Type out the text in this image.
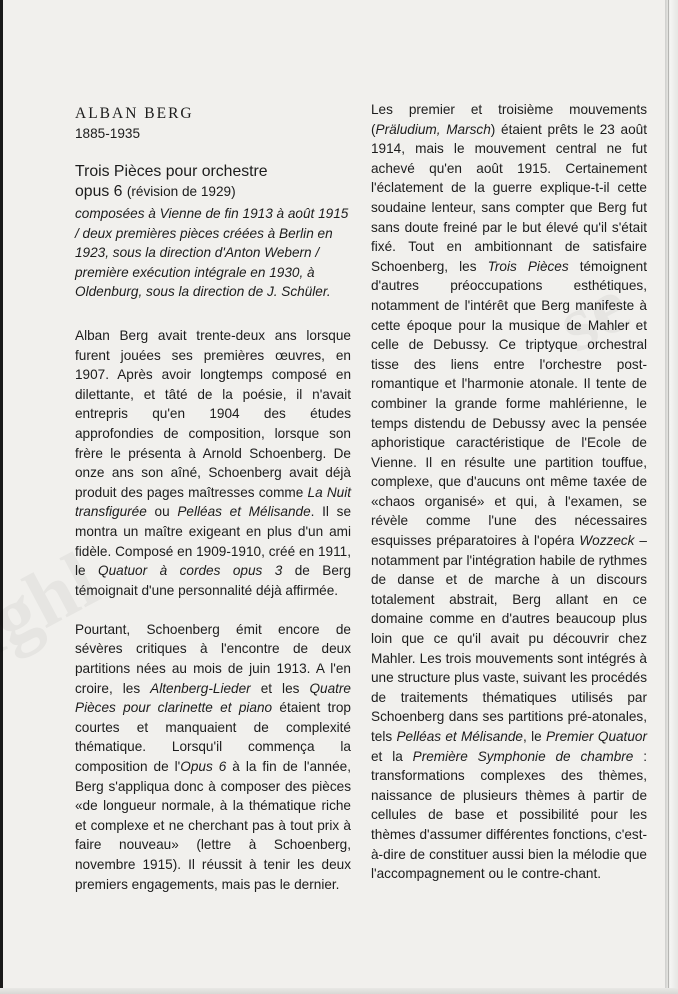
ALBAN BERG

1885-1935

Trois Pièces pour orchestre

opus 6 (révision de 1929)

composées à Vienne de fin 1913 à août 1915 / deux premières pièces créées à Berlin en 1923, sous la direction d'Anton Webern / première exécution intégrale en 1930, à Oldenburg, sous la direction de J. Schüler.

Alban Berg avait trente-deux ans lorsque furent jouées ses premières œuvres, en 1907. Après avoir longtemps composé en dilettante, et tâté de la poésie, il n'avait entrepris qu'en 1904 des études approfondies de composition, lorsque son frère le présenta à Arnold Schoenberg. De onze ans son aîné, Schoenberg avait déjà produit des pages maîtresses comme La Nuit transfigurée ou Pelléas et Mélisande. Il se montra un maître exigeant en plus d'un ami fidèle. Composé en 1909-1910, créé en 1911, le Quatuor à cordes opus 3 de Berg témoignait d'une personnalité déjà affirmée.

Pourtant, Schoenberg émit encore de sévères critiques à l'encontre de deux partitions nées au mois de juin 1913. A l'en croire, les Altenberg-Lieder et les Quatre Pièces pour clarinette et piano étaient trop courtes et manquaient de complexité thématique. Lorsqu'il commença la composition de l'Opus 6 à la fin de l'année, Berg s'appliqua donc à composer des pièces «de longueur normale, à la thématique riche et complexe et ne cherchant pas à tout prix à faire nouveau» (lettre à Schoenberg, novembre 1915). Il réussit à tenir les deux premiers engagements, mais pas le dernier.

Les premier et troisième mouvements (Präludium, Marsch) étaient prêts le 23 août 1914, mais le mouvement central ne fut achevé qu'en août 1915. Certainement l'éclatement de la guerre explique-t-il cette soudaine lenteur, sans compter que Berg fut sans doute freiné par le but élevé qu'il s'était fixé. Tout en ambitionnant de satisfaire Schoenberg, les Trois Pièces témoignent d'autres préoccupations esthétiques, notamment de l'intérêt que Berg manifeste à cette époque pour la musique de Mahler et celle de Debussy. Ce triptyque orchestral tisse des liens entre l'orchestre post-romantique et l'harmonie atonale. Il tente de combiner la grande forme mahlérienne, le temps distendu de Debussy avec la pensée aphoristique caractéristique de l'Ecole de Vienne. Il en résulte une partition touffue, complexe, que d'aucuns ont même taxée de «chaos organisé» et qui, à l'examen, se révèle comme l'une des nécessaires esquisses préparatoires à l'opéra Wozzeck – notamment par l'intégration habile de rythmes de danse et de marche à un discours totalement abstrait, Berg allant en ce domaine comme en d'autres beaucoup plus loin que ce qu'il avait pu découvrir chez Mahler. Les trois mouvements sont intégrés à une structure plus vaste, suivant les procédés de traitements thématiques utilisés par Schoenberg dans ses partitions pré-atonales, tels Pelléas et Mélisande, le Premier Quatuor et la Première Symphonie de chambre : transformations complexes des thèmes, naissance de plusieurs thèmes à partir de cellules de base et possibilité pour les thèmes d'assumer différentes fonctions, c'est-à-dire de constituer aussi bien la mélodie que l'accompagnement ou le contre-chant.
